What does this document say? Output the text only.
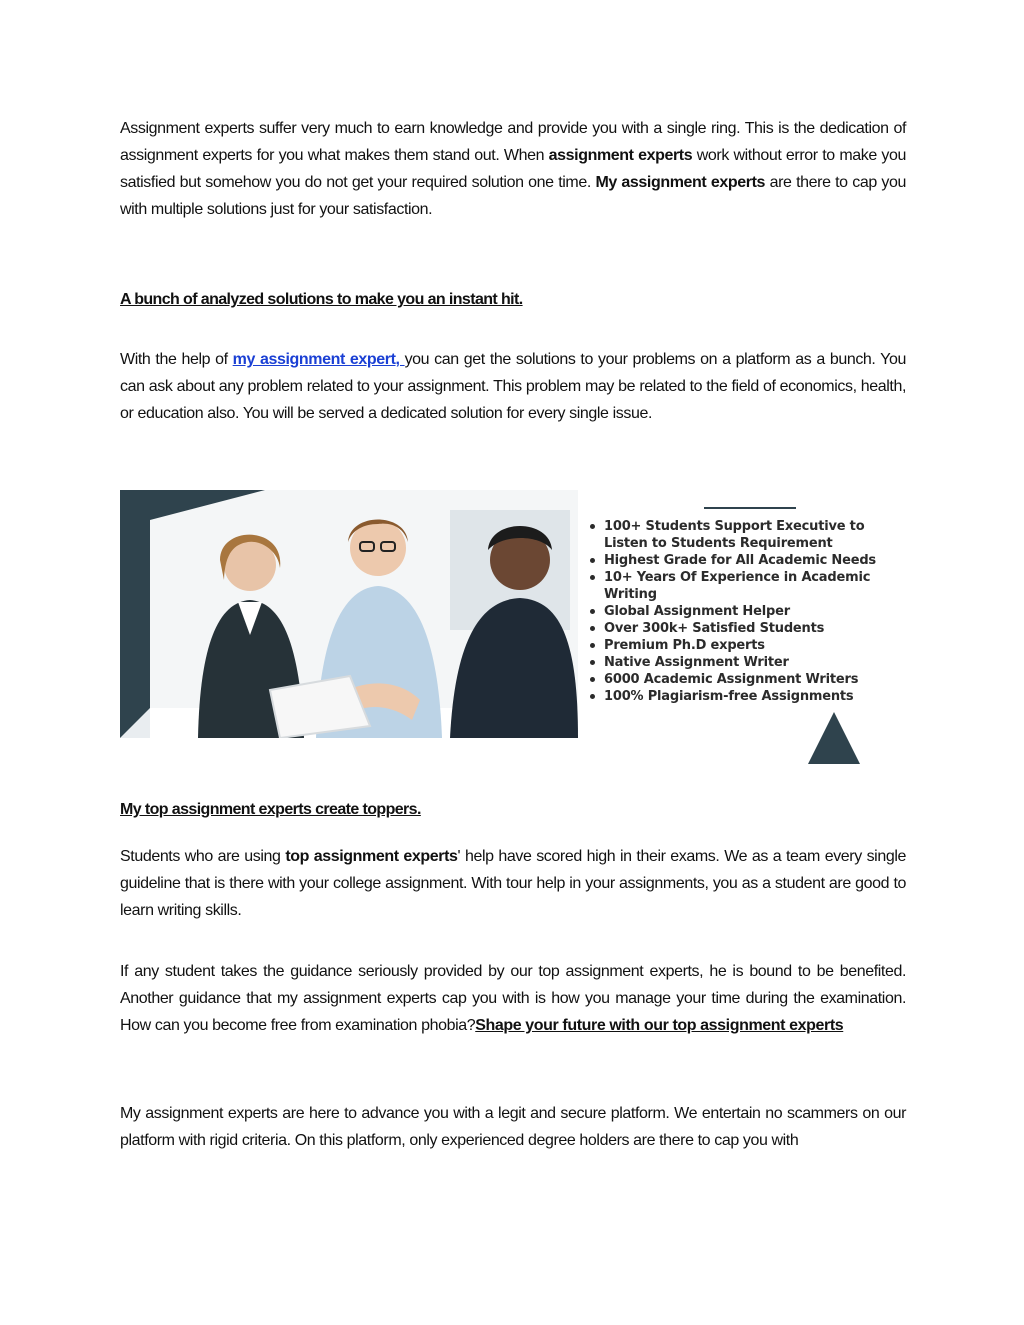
Assignment experts suffer very much to earn knowledge and provide you with a single ring. This is the dedication of assignment experts for you what makes them stand out. When assignment experts work without error to make you satisfied but somehow you do not get your required solution one time. My assignment experts are there to cap you with multiple solutions just for your satisfaction.

A bunch of analyzed solutions to make you an instant hit.

With the help of my assignment expert, you can get the solutions to your problems on a platform as a bunch. You can ask about any problem related to your assignment. This problem may be related to the field of economics, health, or education also. You will be served a dedicated solution for every single issue.

My top assignment experts create toppers.

Students who are using top assignment experts' help have scored high in their exams. We as a team every single guideline that is there with your college assignment. With tour help in your assignments, you as a student are good to learn writing skills.

If any student takes the guidance seriously provided by our top assignment experts, he is bound to be benefited. Another guidance that my assignment experts cap you with is how you manage your time during the examination. How can you become free from examination phobia?Shape your future with our top assignment experts

My assignment experts are here to advance you with a legit and secure platform. We entertain no scammers on our platform with rigid criteria. On this platform, only experienced degree holders are there to cap you with

100+ Students Support Executive to Listen to Students Requirement
Highest Grade for All Academic Needs
10+ Years Of Experience in Academic Writing
Global Assignment Helper
Over 300k+ Satisfied Students
Premium Ph.D experts
Native Assignment Writer
6000 Academic Assignment Writers
100% Plagiarism-free Assignments
